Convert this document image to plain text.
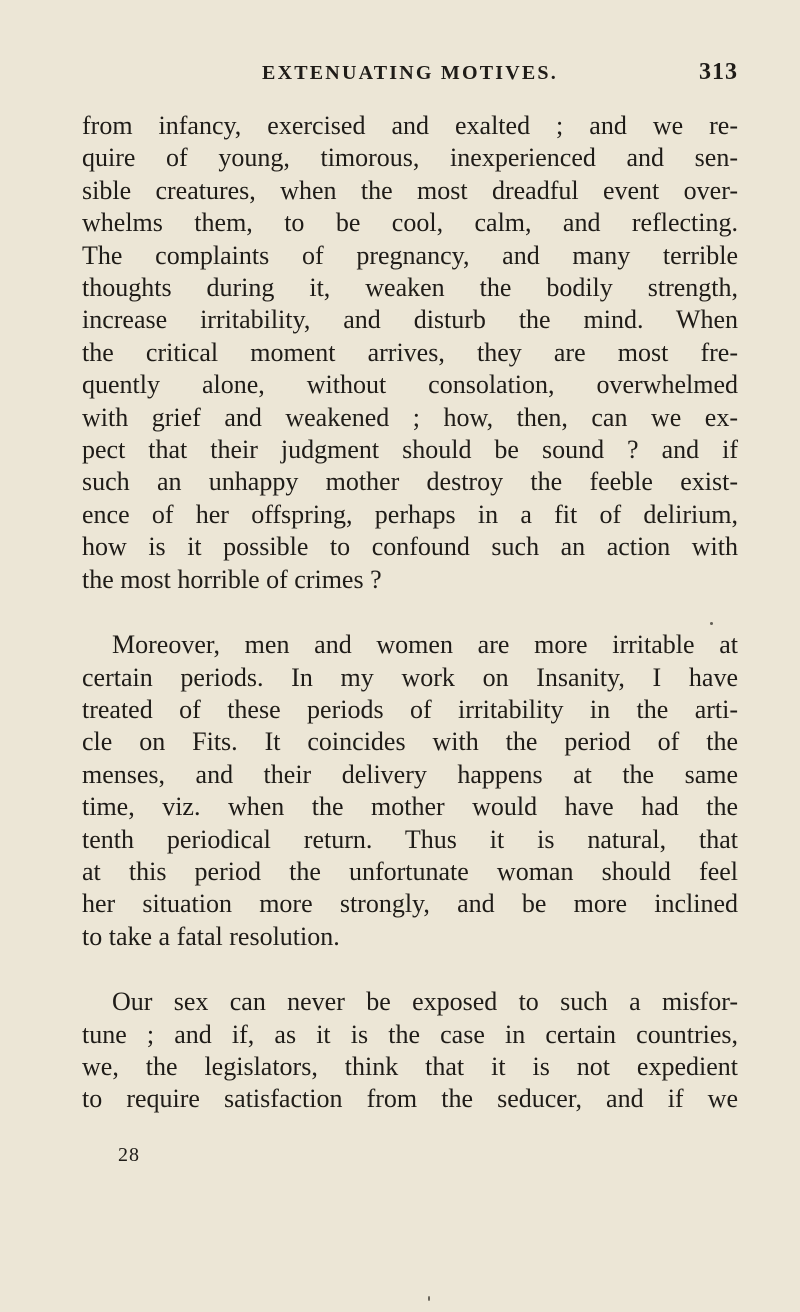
EXTENUATING MOTIVES.	313
from infancy, exercised and exalted ; and we re-
quire of young, timorous, inexperienced and sen-
sible creatures, when the most dreadful event over-
whelms them, to be cool, calm, and reflecting.
The complaints of pregnancy, and many terrible
thoughts during it, weaken the bodily strength,
increase irritability, and disturb the mind. When
the critical moment arrives, they are most fre-
quently alone, without consolation, overwhelmed
with grief and weakened ; how, then, can we ex-
pect that their judgment should be sound ? and if
such an unhappy mother destroy the feeble exist-
ence of her offspring, perhaps in a fit of delirium,
how is it possible to confound such an action with
the most horrible of crimes ?
Moreover, men and women are more irritable at
certain periods. In my work on Insanity, I have
treated of these periods of irritability in the arti-
cle on Fits. It coincides with the period of the
menses, and their delivery happens at the same
time, viz. when the mother would have had the
tenth periodical return. Thus it is natural, that
at this period the unfortunate woman should feel
her situation more strongly, and be more inclined
to take a fatal resolution.
Our sex can never be exposed to such a misfor-
tune ; and if, as it is the case in certain countries,
we, the legislators, think that it is not expedient
to require satisfaction from the seducer, and if we
28
